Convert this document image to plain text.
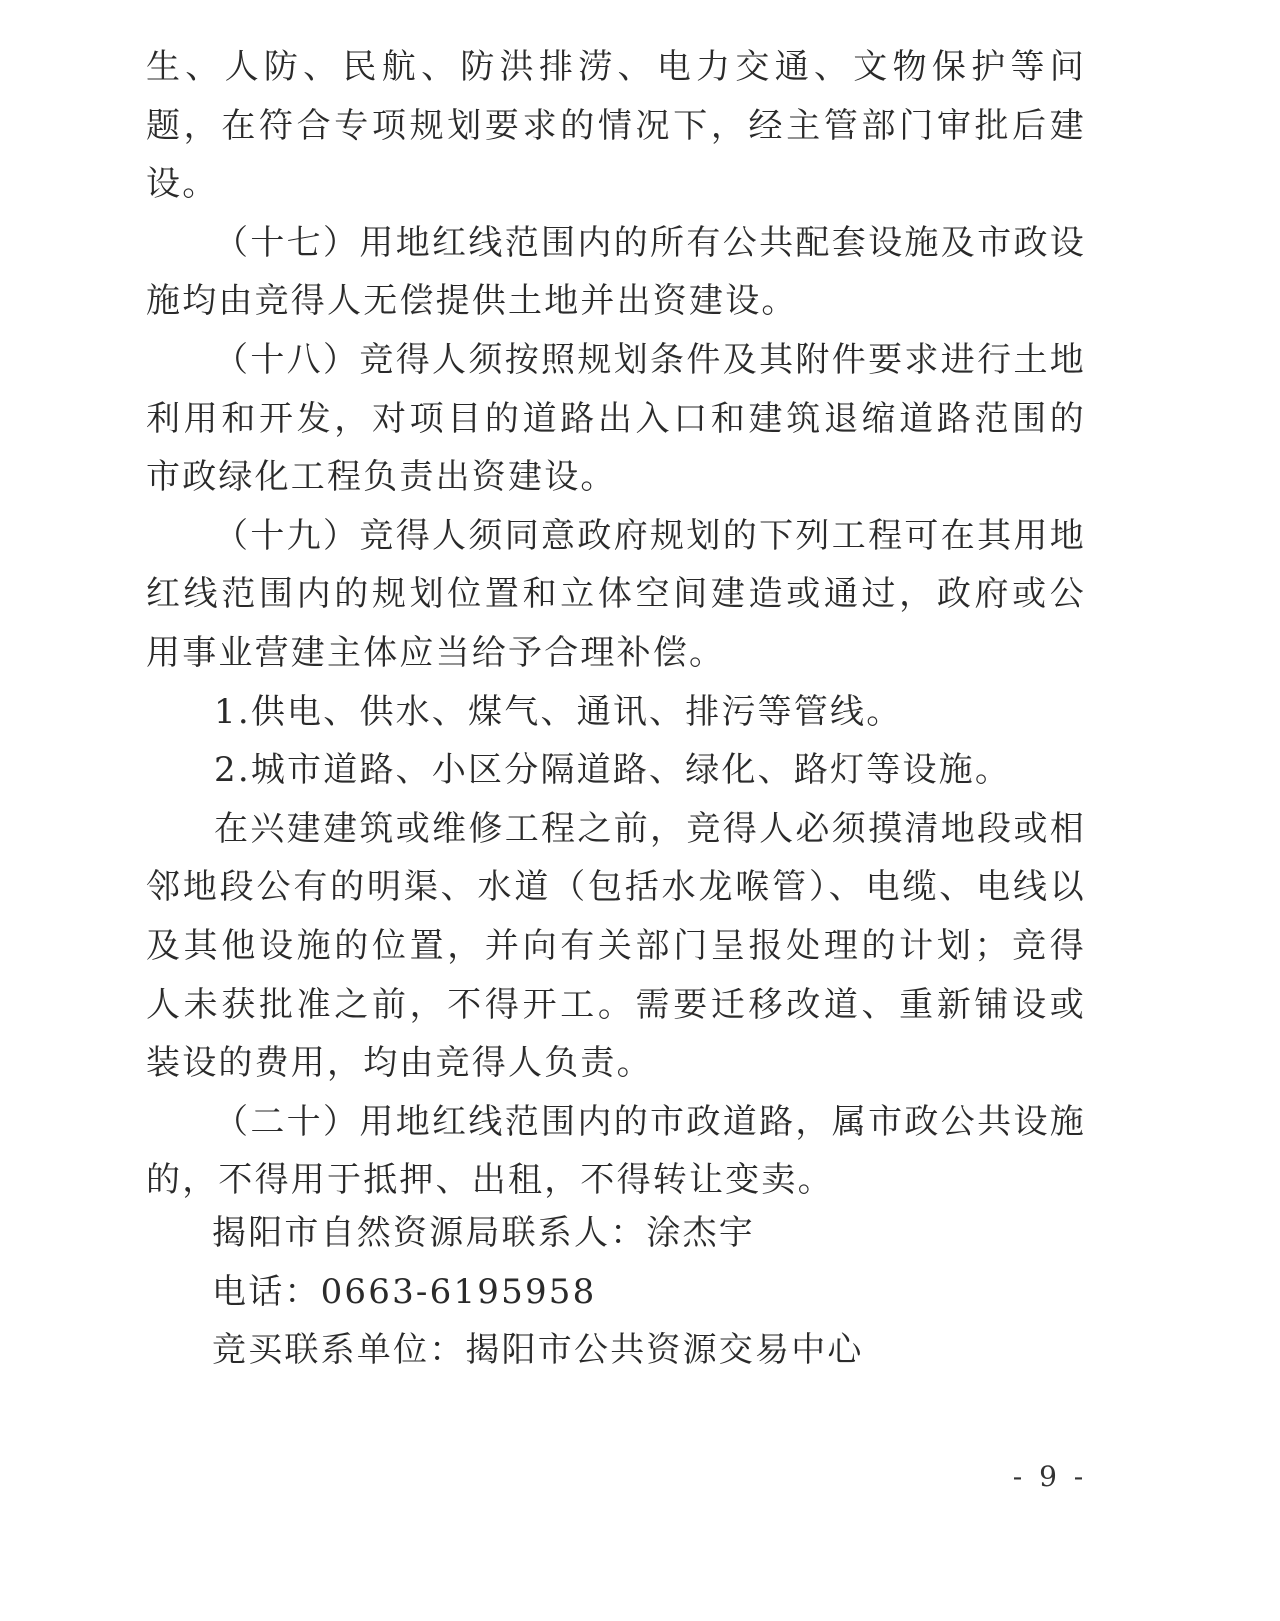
生、人防、民航、防洪排涝、电力交通、文物保护等问题，在符合专项规划要求的情况下，经主管部门审批后建设。

（十七）用地红线范围内的所有公共配套设施及市政设施均由竞得人无偿提供土地并出资建设。

（十八）竞得人须按照规划条件及其附件要求进行土地利用和开发，对项目的道路出入口和建筑退缩道路范围的市政绿化工程负责出资建设。

（十九）竞得人须同意政府规划的下列工程可在其用地红线范围内的规划位置和立体空间建造或通过，政府或公用事业营建主体应当给予合理补偿。

1.供电、供水、煤气、通讯、排污等管线。

2.城市道路、小区分隔道路、绿化、路灯等设施。

在兴建建筑或维修工程之前，竞得人必须摸清地段或相邻地段公有的明渠、水道（包括水龙喉管）、电缆、电线以及其他设施的位置，并向有关部门呈报处理的计划；竞得人未获批准之前，不得开工。需要迁移改道、重新铺设或装设的费用，均由竞得人负责。

（二十）用地红线范围内的市政道路，属市政公共设施的，不得用于抵押、出租，不得转让变卖。

揭阳市自然资源局联系人：涂杰宇

电话：0663-6195958

竞买联系单位：揭阳市公共资源交易中心

- 9 -
